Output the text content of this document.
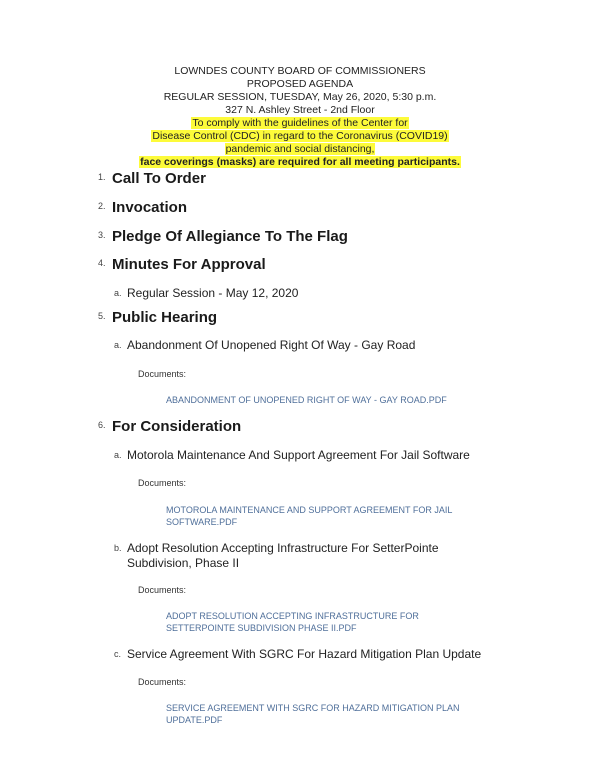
LOWNDES COUNTY BOARD OF COMMISSIONERS
PROPOSED AGENDA
REGULAR SESSION, TUESDAY, May 26, 2020, 5:30 p.m.
327 N. Ashley Street - 2nd Floor
To comply with the guidelines of the Center for
Disease Control (CDC) in regard to the Coronavirus (COVID19)
pandemic and social distancing,
face coverings (masks) are required for all meeting participants.
1. Call To Order
2. Invocation
3. Pledge Of Allegiance To The Flag
4. Minutes For Approval
a. Regular Session - May 12, 2020
5. Public Hearing
a. Abandonment Of Unopened Right Of Way - Gay Road
Documents:
ABANDONMENT OF UNOPENED RIGHT OF WAY - GAY ROAD.PDF
6. For Consideration
a. Motorola Maintenance And Support Agreement For Jail Software
Documents:
MOTOROLA MAINTENANCE AND SUPPORT AGREEMENT FOR JAIL SOFTWARE.PDF
b. Adopt Resolution Accepting Infrastructure For SetterPointe Subdivision, Phase II
Documents:
ADOPT RESOLUTION ACCEPTING INFRASTRUCTURE FOR SETTERPOINTE SUBDIVISION PHASE II.PDF
c. Service Agreement With SGRC For Hazard Mitigation Plan Update
Documents:
SERVICE AGREEMENT WITH SGRC FOR HAZARD MITIGATION PLAN UPDATE.PDF
